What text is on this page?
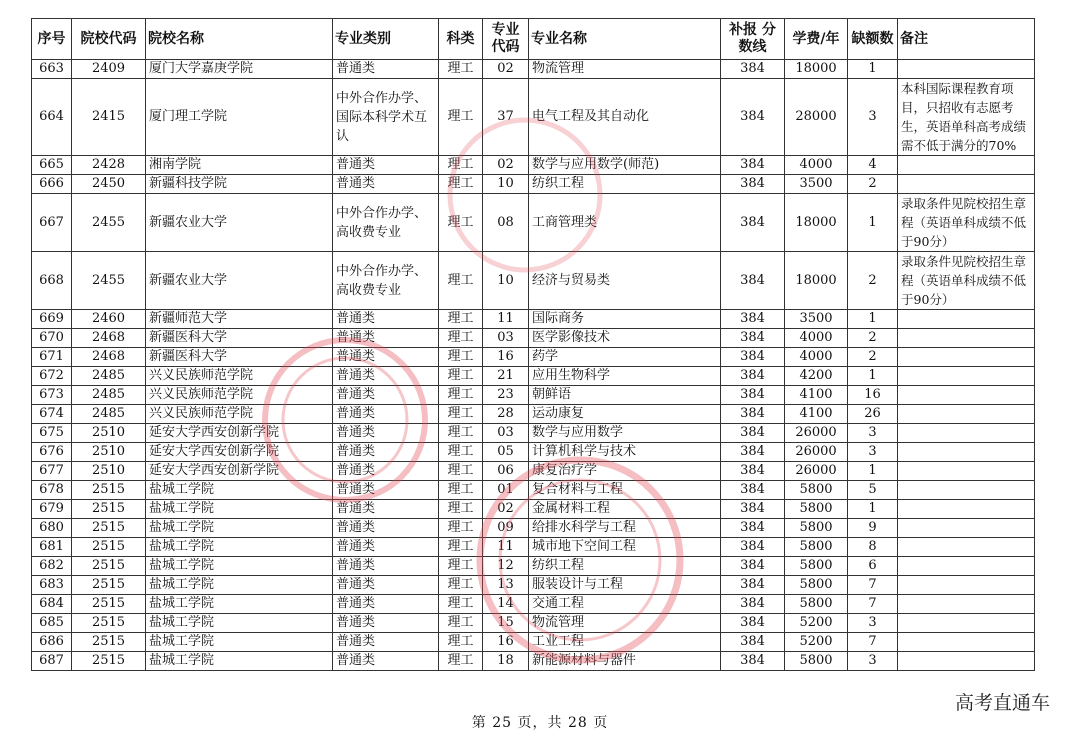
序号	院校代码	院校名称	专业类别	科类	专业代码	专业名称	补报 分数线	学费/年	缺额数	备注
663	2409	厦门大学嘉庚学院	普通类	理工	02	物流管理	384	18000	1	
664	2415	厦门理工学院	中外合作办学、国际本科学术互认	理工	37	电气工程及其自动化	384	28000	3	本科国际课程教育项目，只招收有志愿考生，英语单科高考成绩需不低于满分的70%
665	2428	湘南学院	普通类	理工	02	数学与应用数学(师范)	384	4000	4	
666	2450	新疆科技学院	普通类	理工	10	纺织工程	384	3500	2	
667	2455	新疆农业大学	中外合作办学、高收费专业	理工	08	工商管理类	384	18000	1	录取条件见院校招生章程（英语单科成绩不低于90分）
668	2455	新疆农业大学	中外合作办学、高收费专业	理工	10	经济与贸易类	384	18000	2	录取条件见院校招生章程（英语单科成绩不低于90分）
669	2460	新疆师范大学	普通类	理工	11	国际商务	384	3500	1	
670	2468	新疆医科大学	普通类	理工	03	医学影像技术	384	4000	2	
671	2468	新疆医科大学	普通类	理工	16	药学	384	4000	2	
672	2485	兴义民族师范学院	普通类	理工	21	应用生物科学	384	4200	1	
673	2485	兴义民族师范学院	普通类	理工	23	朝鲜语	384	4100	16	
674	2485	兴义民族师范学院	普通类	理工	28	运动康复	384	4100	26	
675	2510	延安大学西安创新学院	普通类	理工	03	数学与应用数学	384	26000	3	
676	2510	延安大学西安创新学院	普通类	理工	05	计算机科学与技术	384	26000	3	
677	2510	延安大学西安创新学院	普通类	理工	06	康复治疗学	384	26000	1	
678	2515	盐城工学院	普通类	理工	01	复合材料与工程	384	5800	5	
679	2515	盐城工学院	普通类	理工	02	金属材料工程	384	5800	1	
680	2515	盐城工学院	普通类	理工	09	给排水科学与工程	384	5800	9	
681	2515	盐城工学院	普通类	理工	11	城市地下空间工程	384	5800	8	
682	2515	盐城工学院	普通类	理工	12	纺织工程	384	5800	6	
683	2515	盐城工学院	普通类	理工	13	服装设计与工程	384	5800	7	
684	2515	盐城工学院	普通类	理工	14	交通工程	384	5800	7	
685	2515	盐城工学院	普通类	理工	15	物流管理	384	5200	3	
686	2515	盐城工学院	普通类	理工	16	工业工程	384	5200	7	
687	2515	盐城工学院	普通类	理工	18	新能源材料与器件	384	5800	3	
第 25 页，共 28 页
高考直通车
